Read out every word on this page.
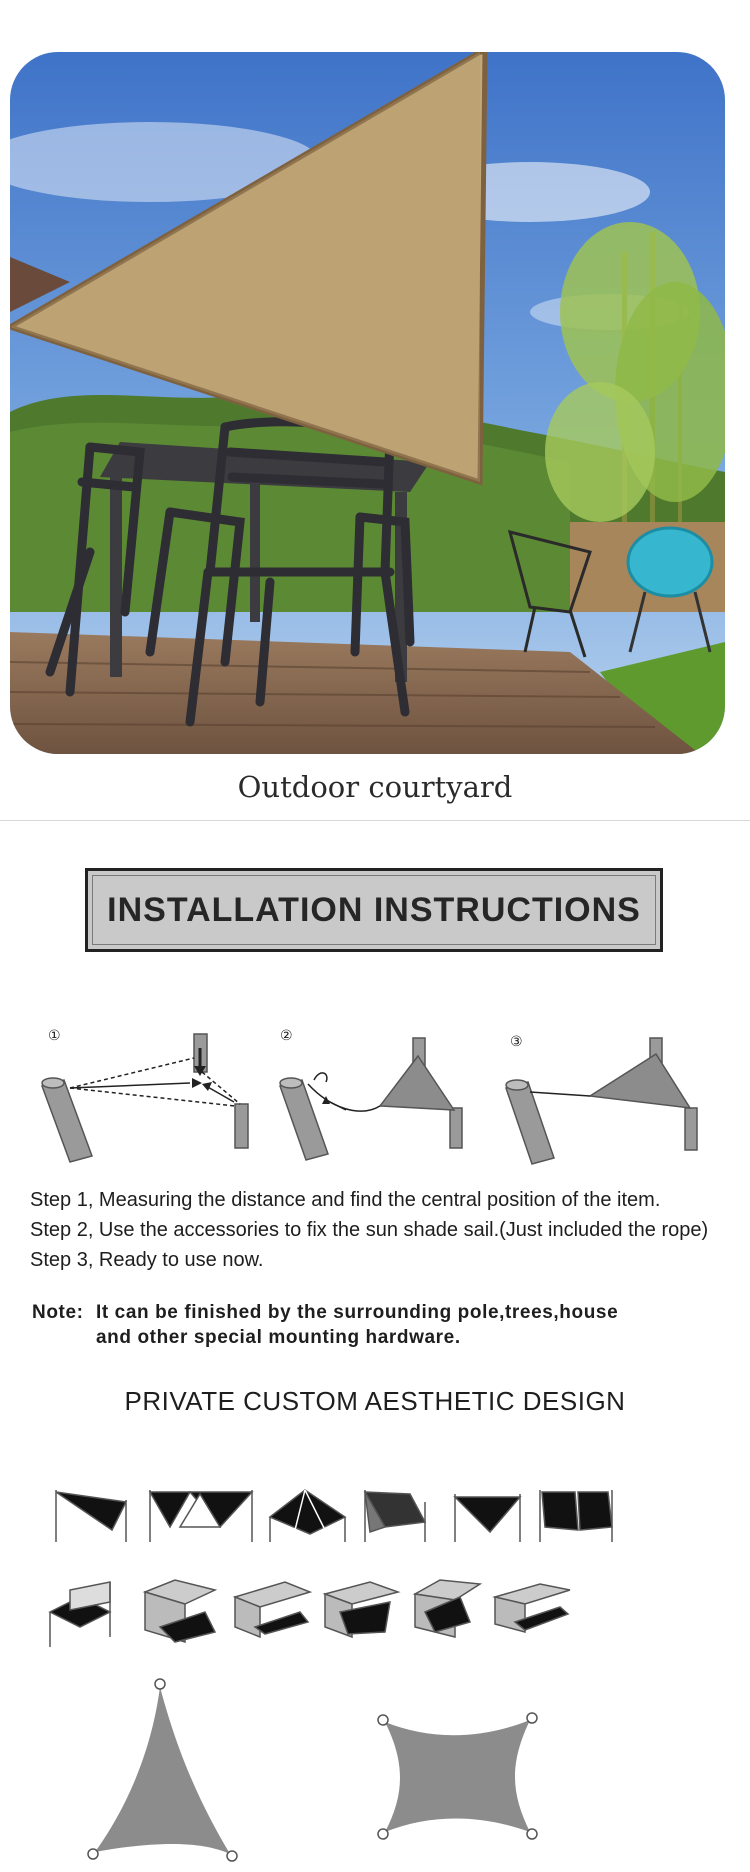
Outdoor courtyard
INSTALLATION INSTRUCTIONS
①	②	③
Step 1, Measuring the distance and find the central position of the item.
Step 2, Use the accessories to fix the sun shade sail.(Just included the rope)
Step 3, Ready to use now.
Note: It can be finished by the surrounding pole,trees,house
and other special mounting hardware.
PRIVATE CUSTOM AESTHETIC DESIGN
